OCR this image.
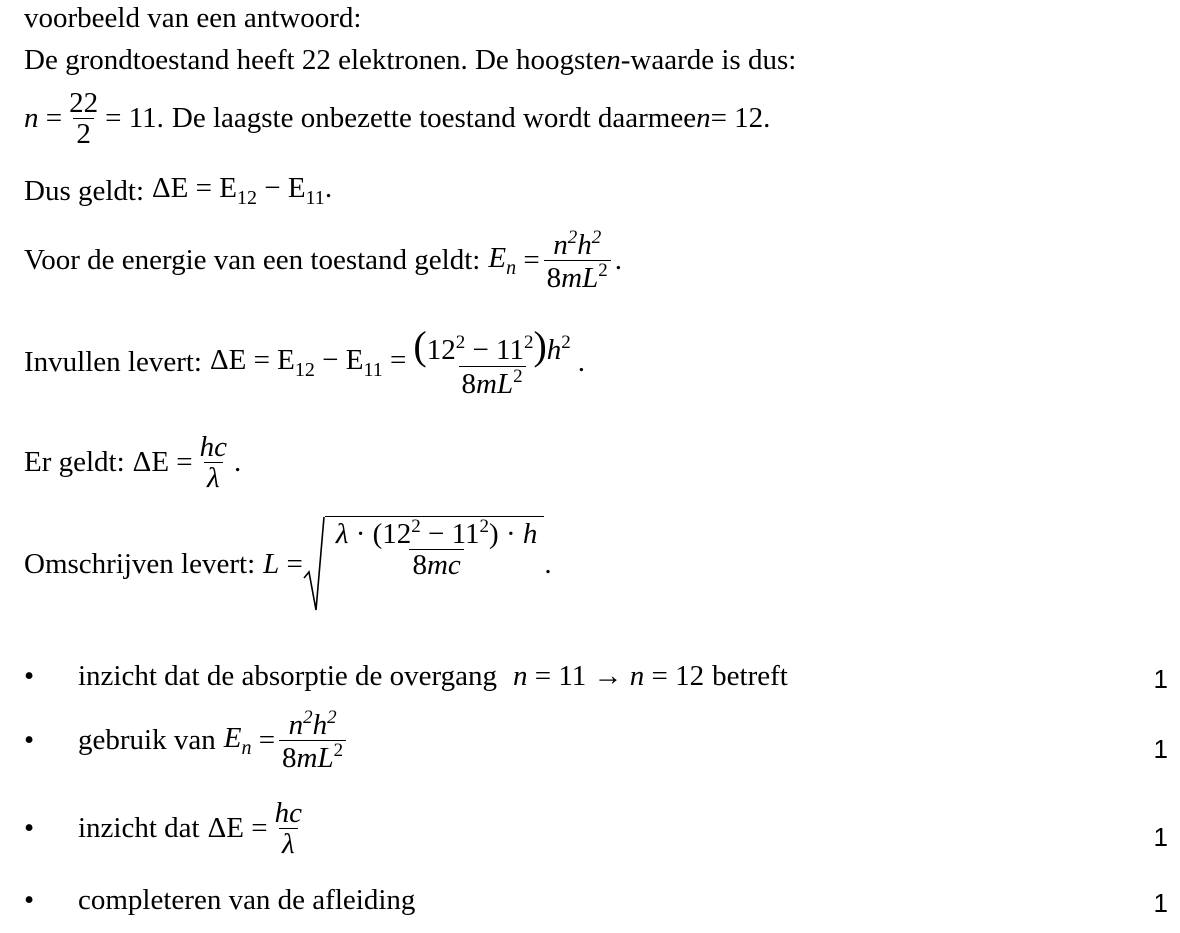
voorbeeld van een antwoord:
De grondtoestand heeft 22 elektronen. De hoogste n -waarde is dus:
$n = \frac{22}{2} = 11$. De laagste onbezette toestand wordt daarmee n = 12.
Dus geldt: $\Delta E = E_{12} - E_{11}$.
Voor de energie van een toestand geldt: $E_n = \frac{n^2h^2}{8mL^2}$ .
Invullen levert: $\Delta E = E_{12} - E_{11} = \frac{(12^2 - 11^2)h^2}{8mL^2}$ .
Er geldt: $\Delta E = \frac{hc}{\lambda}$ .
Omschrijven levert: $L = \frac{\lambda \cdot (12^2 - 11^2) \cdot h}{8mc}$ .
•	inzicht dat de absorptie de overgang n = 11 → n = 12 betreft	1
•	gebruik van $E_n = \frac{n^2h^2}{8mL^2}$	1
•	inzicht dat $\Delta E = \frac{hc}{\lambda}$	1
•	completeren van de afleiding	1
